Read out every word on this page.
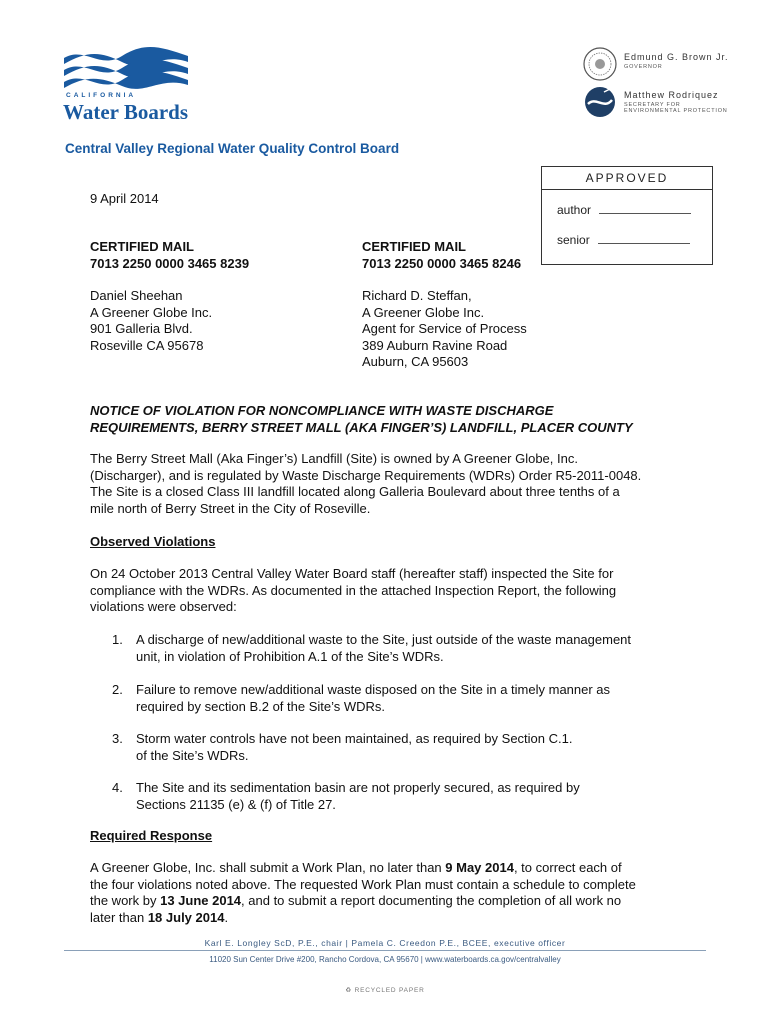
CALIFORNIA
Water Boards
Edmund G. Brown Jr.
GOVERNOR
Matthew Rodriquez
SECRETARY FOR
ENVIRONMENTAL PROTECTION
Central Valley Regional Water Quality Control Board
APPROVED
author
senior
9 April 2014
CERTIFIED MAIL
7013 2250 0000 3465 8239
CERTIFIED MAIL
7013 2250 0000 3465 8246
Daniel Sheehan
A Greener Globe Inc.
901 Galleria Blvd.
Roseville CA 95678
Richard D. Steffan,
A Greener Globe Inc.
Agent for Service of Process
389 Auburn Ravine Road
Auburn, CA 95603
NOTICE OF VIOLATION FOR NONCOMPLIANCE WITH WASTE DISCHARGE
REQUIREMENTS, BERRY STREET MALL (AKA FINGER’S) LANDFILL, PLACER COUNTY
The Berry Street Mall (Aka Finger’s) Landfill (Site) is owned by A Greener Globe, Inc.
(Discharger), and is regulated by Waste Discharge Requirements (WDRs) Order R5-2011-0048.
The Site is a closed Class III landfill located along Galleria Boulevard about three tenths of a
mile north of Berry Street in the City of Roseville.
Observed Violations
On 24 October 2013 Central Valley Water Board staff (hereafter staff) inspected the Site for
compliance with the WDRs. As documented in the attached Inspection Report, the following
violations were observed:
1. A discharge of new/additional waste to the Site, just outside of the waste management
unit, in violation of Prohibition A.1 of the Site’s WDRs.
2. Failure to remove new/additional waste disposed on the Site in a timely manner as
required by section B.2 of the Site’s WDRs.
3. Storm water controls have not been maintained, as required by Section C.1.
of the Site’s WDRs.
4. The Site and its sedimentation basin are not properly secured, as required by
Sections 21135 (e) & (f) of Title 27.
Required Response
A Greener Globe, Inc. shall submit a Work Plan, no later than 9 May 2014, to correct each of
the four violations noted above. The requested Work Plan must contain a schedule to complete
the work by 13 June 2014, and to submit a report documenting the completion of all work no
later than 18 July 2014.
Karl E. Longley ScD, P.E., chair | Pamela C. Creedon P.E., BCEE, executive officer
11020 Sun Center Drive #200, Rancho Cordova, CA 95670 | www.waterboards.ca.gov/centralvalley
♻ RECYCLED PAPER
